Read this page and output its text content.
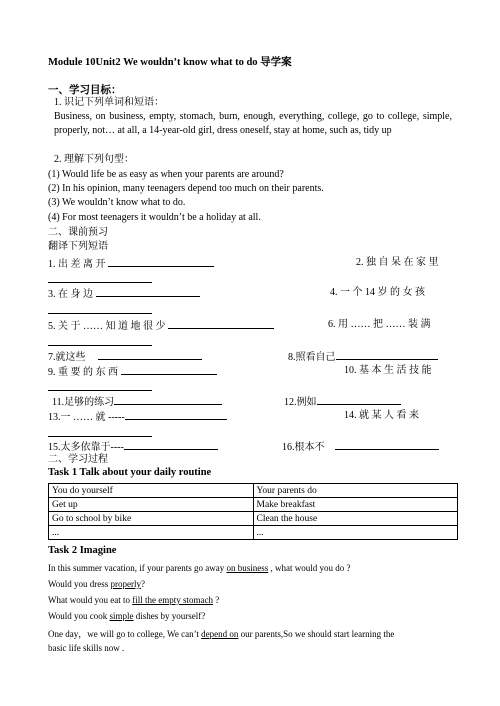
Module 10Unit2 We wouldn’t know what to do 导学案
一、学习目标：
1. 识记下列单词和短语：
Business, on business, empty, stomach, burn, enough, everything, college, go to college, simple, properly, not… at all, a 14-year-old girl, dress oneself, stay at home, such as, tidy up
2. 理解下列句型：
(1) Would life be as easy as when your parents are around?
(2) In his opinion, many teenagers depend too much on their parents.
(3) We wouldn’t know what to do.
(4) For most teenagers it wouldn’t be a holiday at all.
二、课前预习
翻译下列短语
1. 出 差 离 开	2. 独 自 呆 在 家 里
3. 在 身 边	4. 一 个 14 岁 的 女 孩
5. 关 于 …… 知 道 地 很 少	6. 用 …… 把 …… 装 满
7.就这些	8.照看自己
9. 重 要 的 东 西	10. 基 本 生 活 技 能
11.足够的练习	12.例如
13.一 …… 就 -----	14. 就 某 人 看 来
15.太多依靠于----	16.根本不
二、学习过程
Task 1 Talk about your daily routine
You do yourself	Your parents do
Get up	Make breakfast
Go to school by bike	Clean the house
...	...
Task 2 Imagine
In this summer vacation, if your parents go away on business , what would you do ?
Would you dress properly?
What would you eat to fill the empty stomach ?
Would you cook simple dishes by yourself?
One day，we will go to college, We can’t depend on our parents,So we should start learning the
basic life skills now .
